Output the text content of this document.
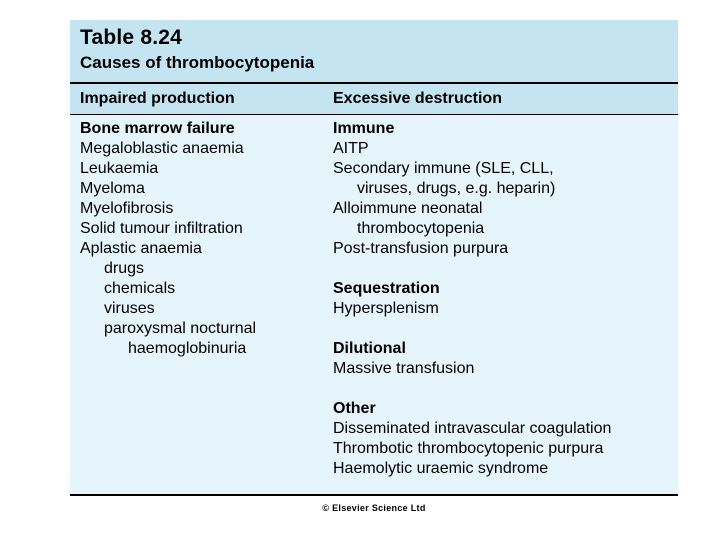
Table 8.24
Causes of thrombocytopenia
Impaired production	Excessive destruction
Bone marrow failure
Megaloblastic anaemia
Leukaemia
Myeloma
Myelofibrosis
Solid tumour infiltration
Aplastic anaemia
drugs
chemicals
viruses
paroxysmal nocturnal
haemoglobinuria
Immune
AITP
Secondary immune (SLE, CLL,
viruses, drugs, e.g. heparin)
Alloimmune neonatal
thrombocytopenia
Post-transfusion purpura
Sequestration
Hypersplenism
Dilutional
Massive transfusion
Other
Disseminated intravascular coagulation
Thrombotic thrombocytopenic purpura
Haemolytic uraemic syndrome
© Elsevier Science Ltd
